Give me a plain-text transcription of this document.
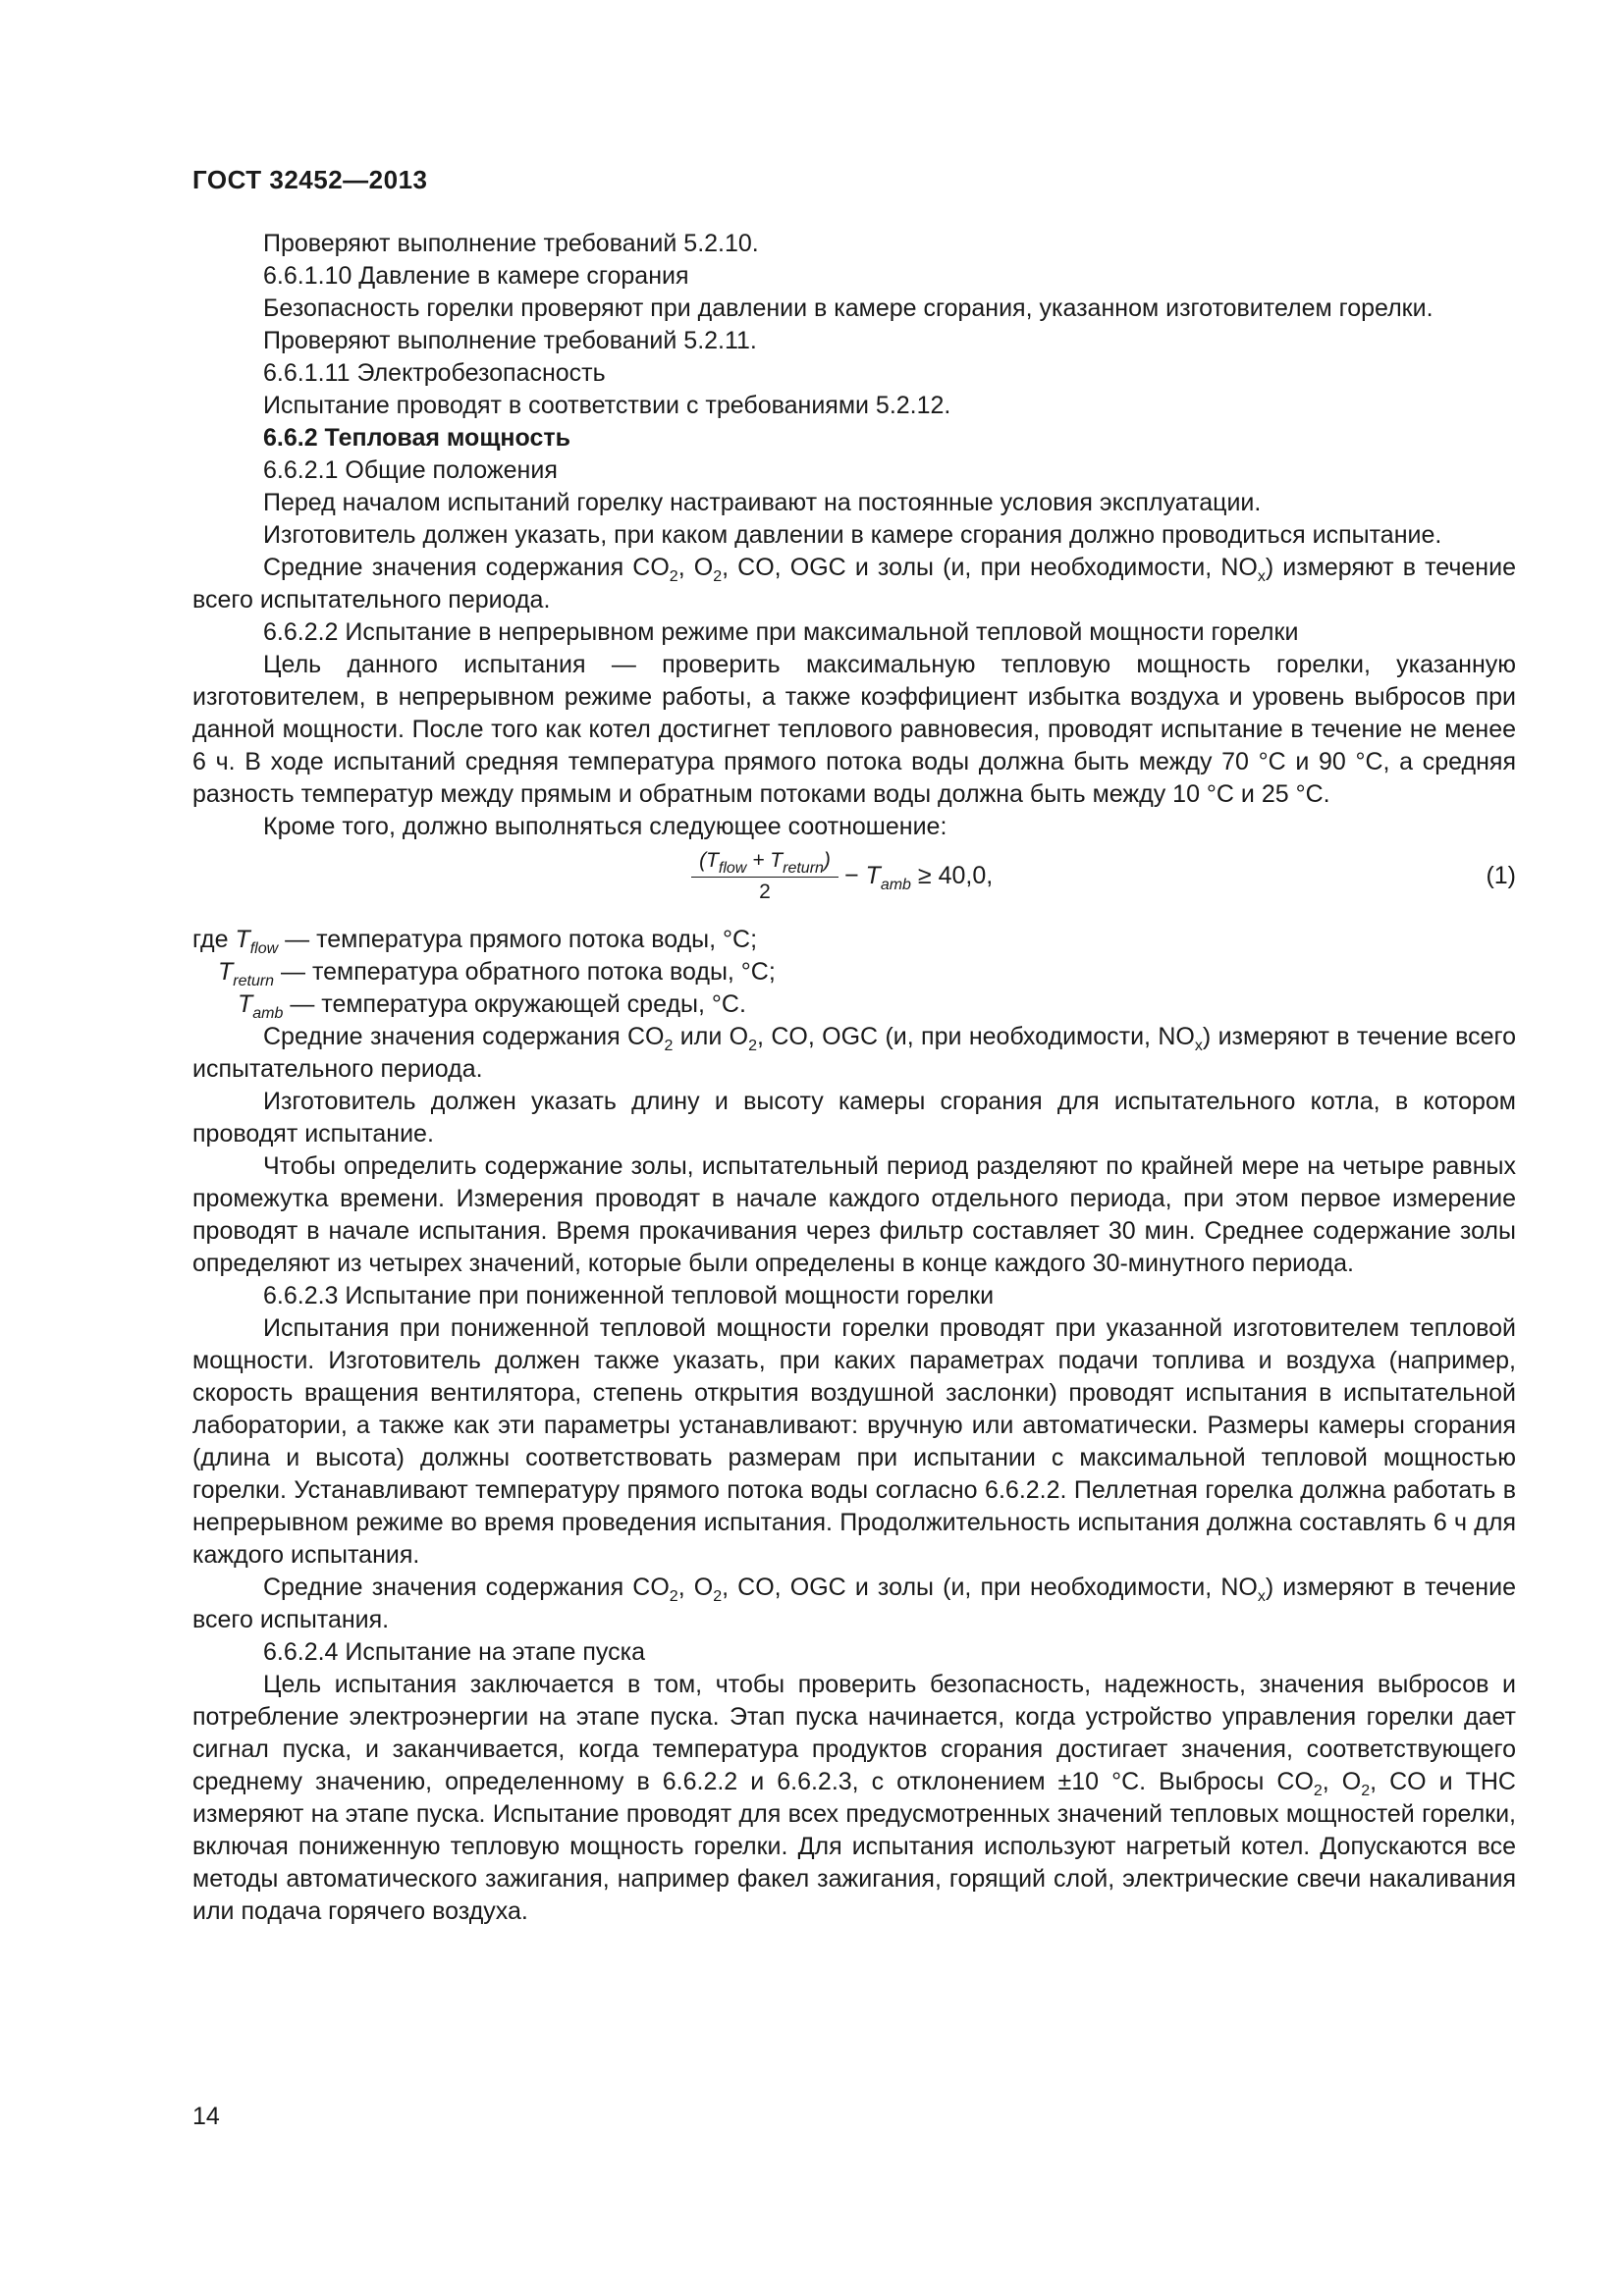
ГОСТ 32452—2013

Проверяют выполнение требований 5.2.10.

6.6.1.10 Давление в камере сгорания

Безопасность горелки проверяют при давлении в камере сгорания, указанном изготовителем горелки.

Проверяют выполнение требований 5.2.11.

6.6.1.11 Электробезопасность

Испытание проводят в соответствии с требованиями 5.2.12.

6.6.2 Тепловая мощность

6.6.2.1 Общие положения

Перед началом испытаний горелку настраивают на постоянные условия эксплуатации.

Изготовитель должен указать, при каком давлении в камере сгорания должно проводиться испытание.

Средние значения содержания $CO_2$, $O_2$, CO, OGC и золы (и, при необходимости, $NO_x$) измеряют в течение всего испытательного периода.

6.6.2.2 Испытание в непрерывном режиме при максимальной тепловой мощности горелки

Цель данного испытания — проверить максимальную тепловую мощность горелки, указанную изготовителем, в непрерывном режиме работы, а также коэффициент избытка воздуха и уровень выбросов при данной мощности. После того как котел достигнет теплового равновесия, проводят испытание в течение не менее 6 ч. В ходе испытаний средняя температура прямого потока воды должна быть между 70 °С и 90 °С, а средняя разность температур между прямым и обратным потоками воды должна быть между 10 °С и 25 °С.

Кроме того, должно выполняться следующее соотношение:

$(T_{flow} + T_{return})$
2
− $T_{amb} \ge 40,0$,	(1)
где $T_{flow}$ — температура прямого потока воды, °С;
$T_{return}$ — температура обратного потока воды, °С;
$T_{amb}$ — температура окружающей среды, °С.

Средние значения содержания $CO_2$ или $O_2$, CO, OGC (и, при необходимости, $NO_x$) измеряют в течение всего испытательного периода.

Изготовитель должен указать длину и высоту камеры сгорания для испытательного котла, в котором проводят испытание.

Чтобы определить содержание золы, испытательный период разделяют по крайней мере на четыре равных промежутка времени. Измерения проводят в начале каждого отдельного периода, при этом первое измерение проводят в начале испытания. Время прокачивания через фильтр составляет 30 мин. Среднее содержание золы определяют из четырех значений, которые были определены в конце каждого 30-минутного периода.

6.6.2.3 Испытание при пониженной тепловой мощности горелки

Испытания при пониженной тепловой мощности горелки проводят при указанной изготовителем тепловой мощности. Изготовитель должен также указать, при каких параметрах подачи топлива и воздуха (например, скорость вращения вентилятора, степень открытия воздушной заслонки) проводят испытания в испытательной лаборатории, а также как эти параметры устанавливают: вручную или автоматически. Размеры камеры сгорания (длина и высота) должны соответствовать размерам при испытании с максимальной тепловой мощностью горелки. Устанавливают температуру прямого потока воды согласно 6.6.2.2. Пеллетная горелка должна работать в непрерывном режиме во время проведения испытания. Продолжительность испытания должна составлять 6 ч для каждого испытания.

Средние значения содержания $CO_2$, $O_2$, CO, OGC и золы (и, при необходимости, $NO_x$) измеряют в течение всего испытания.

6.6.2.4 Испытание на этапе пуска

Цель испытания заключается в том, чтобы проверить безопасность, надежность, значения выбросов и потребление электроэнергии на этапе пуска. Этап пуска начинается, когда устройство управления горелки дает сигнал пуска, и заканчивается, когда температура продуктов сгорания достигает значения, соответствующего среднему значению, определенному в 6.6.2.2 и 6.6.2.3, с отклонением ±10 °С. Выбросы $CO_2$, $O_2$, CO и THC измеряют на этапе пуска. Испытание проводят для всех предусмотренных значений тепловых мощностей горелки, включая пониженную тепловую мощность горелки. Для испытания используют нагретый котел. Допускаются все методы автоматического зажигания, например факел зажигания, горящий слой, электрические свечи накаливания или подача горячего воздуха.

14
